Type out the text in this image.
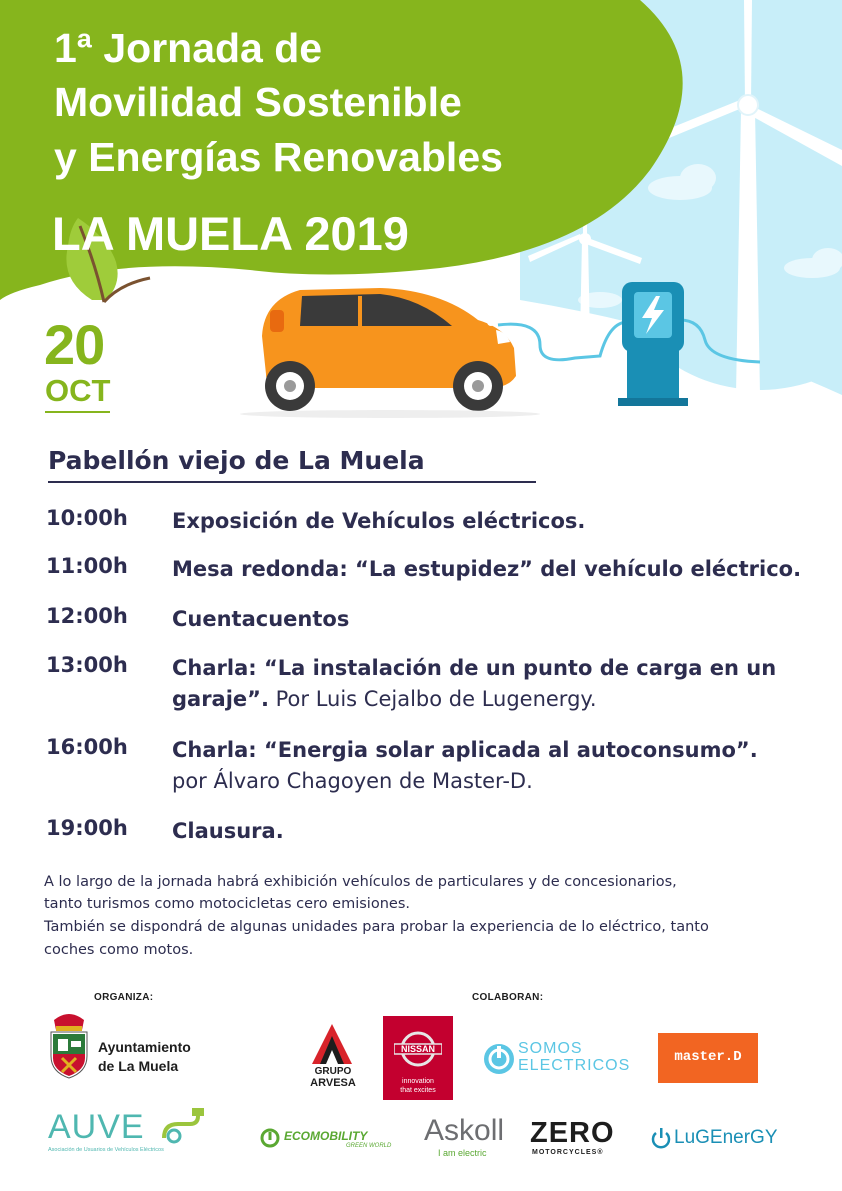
1ª Jornada de
Movilidad Sostenible
y Energías Renovables
LA MUELA 2019
20
OCT
Pabellón viejo de La Muela
10:00h Exposición de Vehículos eléctricos.
11:00h Mesa redonda: “La estupidez” del vehículo eléctrico.
12:00h Cuentacuentos
13:00h Charla: “La instalación de un punto de carga en un garaje”. Por Luis Cejalbo de Lugenergy.
16:00h Charla: “Energia solar aplicada al autoconsumo”.
por Álvaro Chagoyen de Master-D.
19:00h Clausura.
A lo largo de la jornada habrá exhibición vehículos de particulares y de concesionarios,
tanto turismos como motocicletas cero emisiones.
También se dispondrá de algunas unidades para probar la experiencia de lo eléctrico, tanto
coches como motos.
ORGANIZA:
Ayuntamiento
de La Muela
AUVE
Asociación de Usuarios de Vehículos Eléctricos
COLABORAN:
GRUPO
ARVESA
NISSAN
innovation
that excites
SOMOS
ELECTRICOS	master.D
ECOMOBILITY
GREEN WORLD Askoll
I am electric
ZERO
MOTORCYCLES®
LuGEnerGY
